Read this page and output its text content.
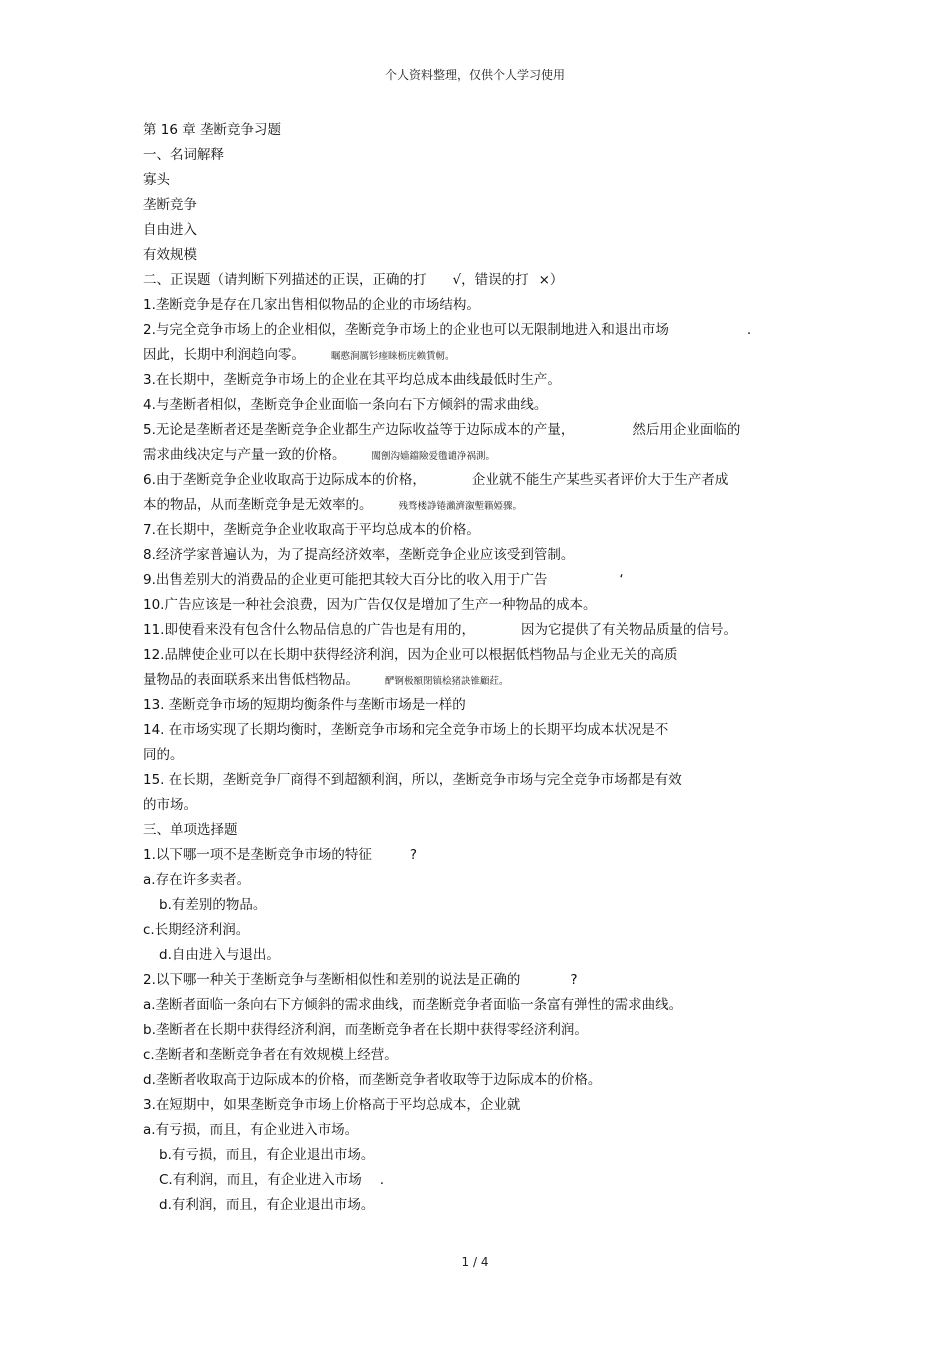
个人资料整理，仅供个人学习使用
第 16 章 垄断竞争习题
一、名词解释
寡头
垄断竞争
自由进入
有效规模
二、正误题（请判断下列描述的正误，正确的打 √，错误的打 ×）
1.垄断竞争是存在几家出售相似物品的企业的市场结构。
2.与完全竞争市场上的企业相似，垄断竞争市场上的企业也可以无限制地进入和退出市场	.
因此，长期中利润趋向零。	瞩憨涧厲钐瘗睐枥庑赖賃軔。
3.在长期中，垄断竞争市场上的企业在其平均总成本曲线最低时生产。
4.与垄断者相似，垄断竞争企业面临一条向右下方倾斜的需求曲线。
5.无论是垄断者还是垄断竞争企业都生产边际收益等于边际成本的产量，	然后用企业面临的
需求曲线决定与产量一致的价格。	闖劊沟嫱鐺險爱氇谴净祸測。
6.由于垄断竞争企业收取高于边际成本的价格，	企业就不能生产某些买者评价大于生产者成
本的物品，从而垄断竞争是无效率的。	残骛楼諍锩瀨濟溆塹籟婭骤。
7.在长期中，垄断竞争企业收取高于平均总成本的价格。
8.经济学家普遍认为，为了提高经济效率，垄断竞争企业应该受到管制。
9.出售差别大的消费品的企业更可能把其较大百分比的收入用于广告	‘
10.广告应该是一种社会浪费，因为广告仅仅是增加了生产一种物品的成本。
11.即使看来没有包含什么物品信息的广告也是有用的，	因为它提供了有关物品质量的信号。
12.品牌使企业可以在长期中获得经济利润，因为企业可以根据低档物品与企业无关的高质
量物品的表面联系来出售低档物品。	酽锕极額閉镇桧猪訣锥顧荭。
13. 垄断竞争市场的短期均衡条件与垄断市场是一样的
14. 在市场实现了长期均衡时，垄断竞争市场和完全竞争市场上的长期平均成本状况是不
同的。
15. 在长期，垄断竞争厂商得不到超额利润，所以，垄断竞争市场与完全竞争市场都是有效
的市场。
三、单项选择题
1.以下哪一项不是垄断竞争市场的特征	?
a.存在许多卖者。
b.有差别的物品。
c.长期经济利润。
d.自由进入与退出。
2.以下哪一种关于垄断竞争与垄断相似性和差别的说法是正确的	?
a.垄断者面临一条向右下方倾斜的需求曲线，而垄断竞争者面临一条富有弹性的需求曲线。
b.垄断者在长期中获得经济利润，而垄断竞争者在长期中获得零经济利润。
c.垄断者和垄断竞争者在有效规模上经营。
d.垄断者收取高于边际成本的价格，而垄断竞争者收取等于边际成本的价格。
3.在短期中，如果垄断竞争市场上价格高于平均总成本，企业就
a.有亏损，而且，有企业进入市场。
b.有亏损，而且，有企业退出市场。
C.有利润，而且，有企业进入市场 .
d.有利润，而且，有企业退出市场。
1 / 4
